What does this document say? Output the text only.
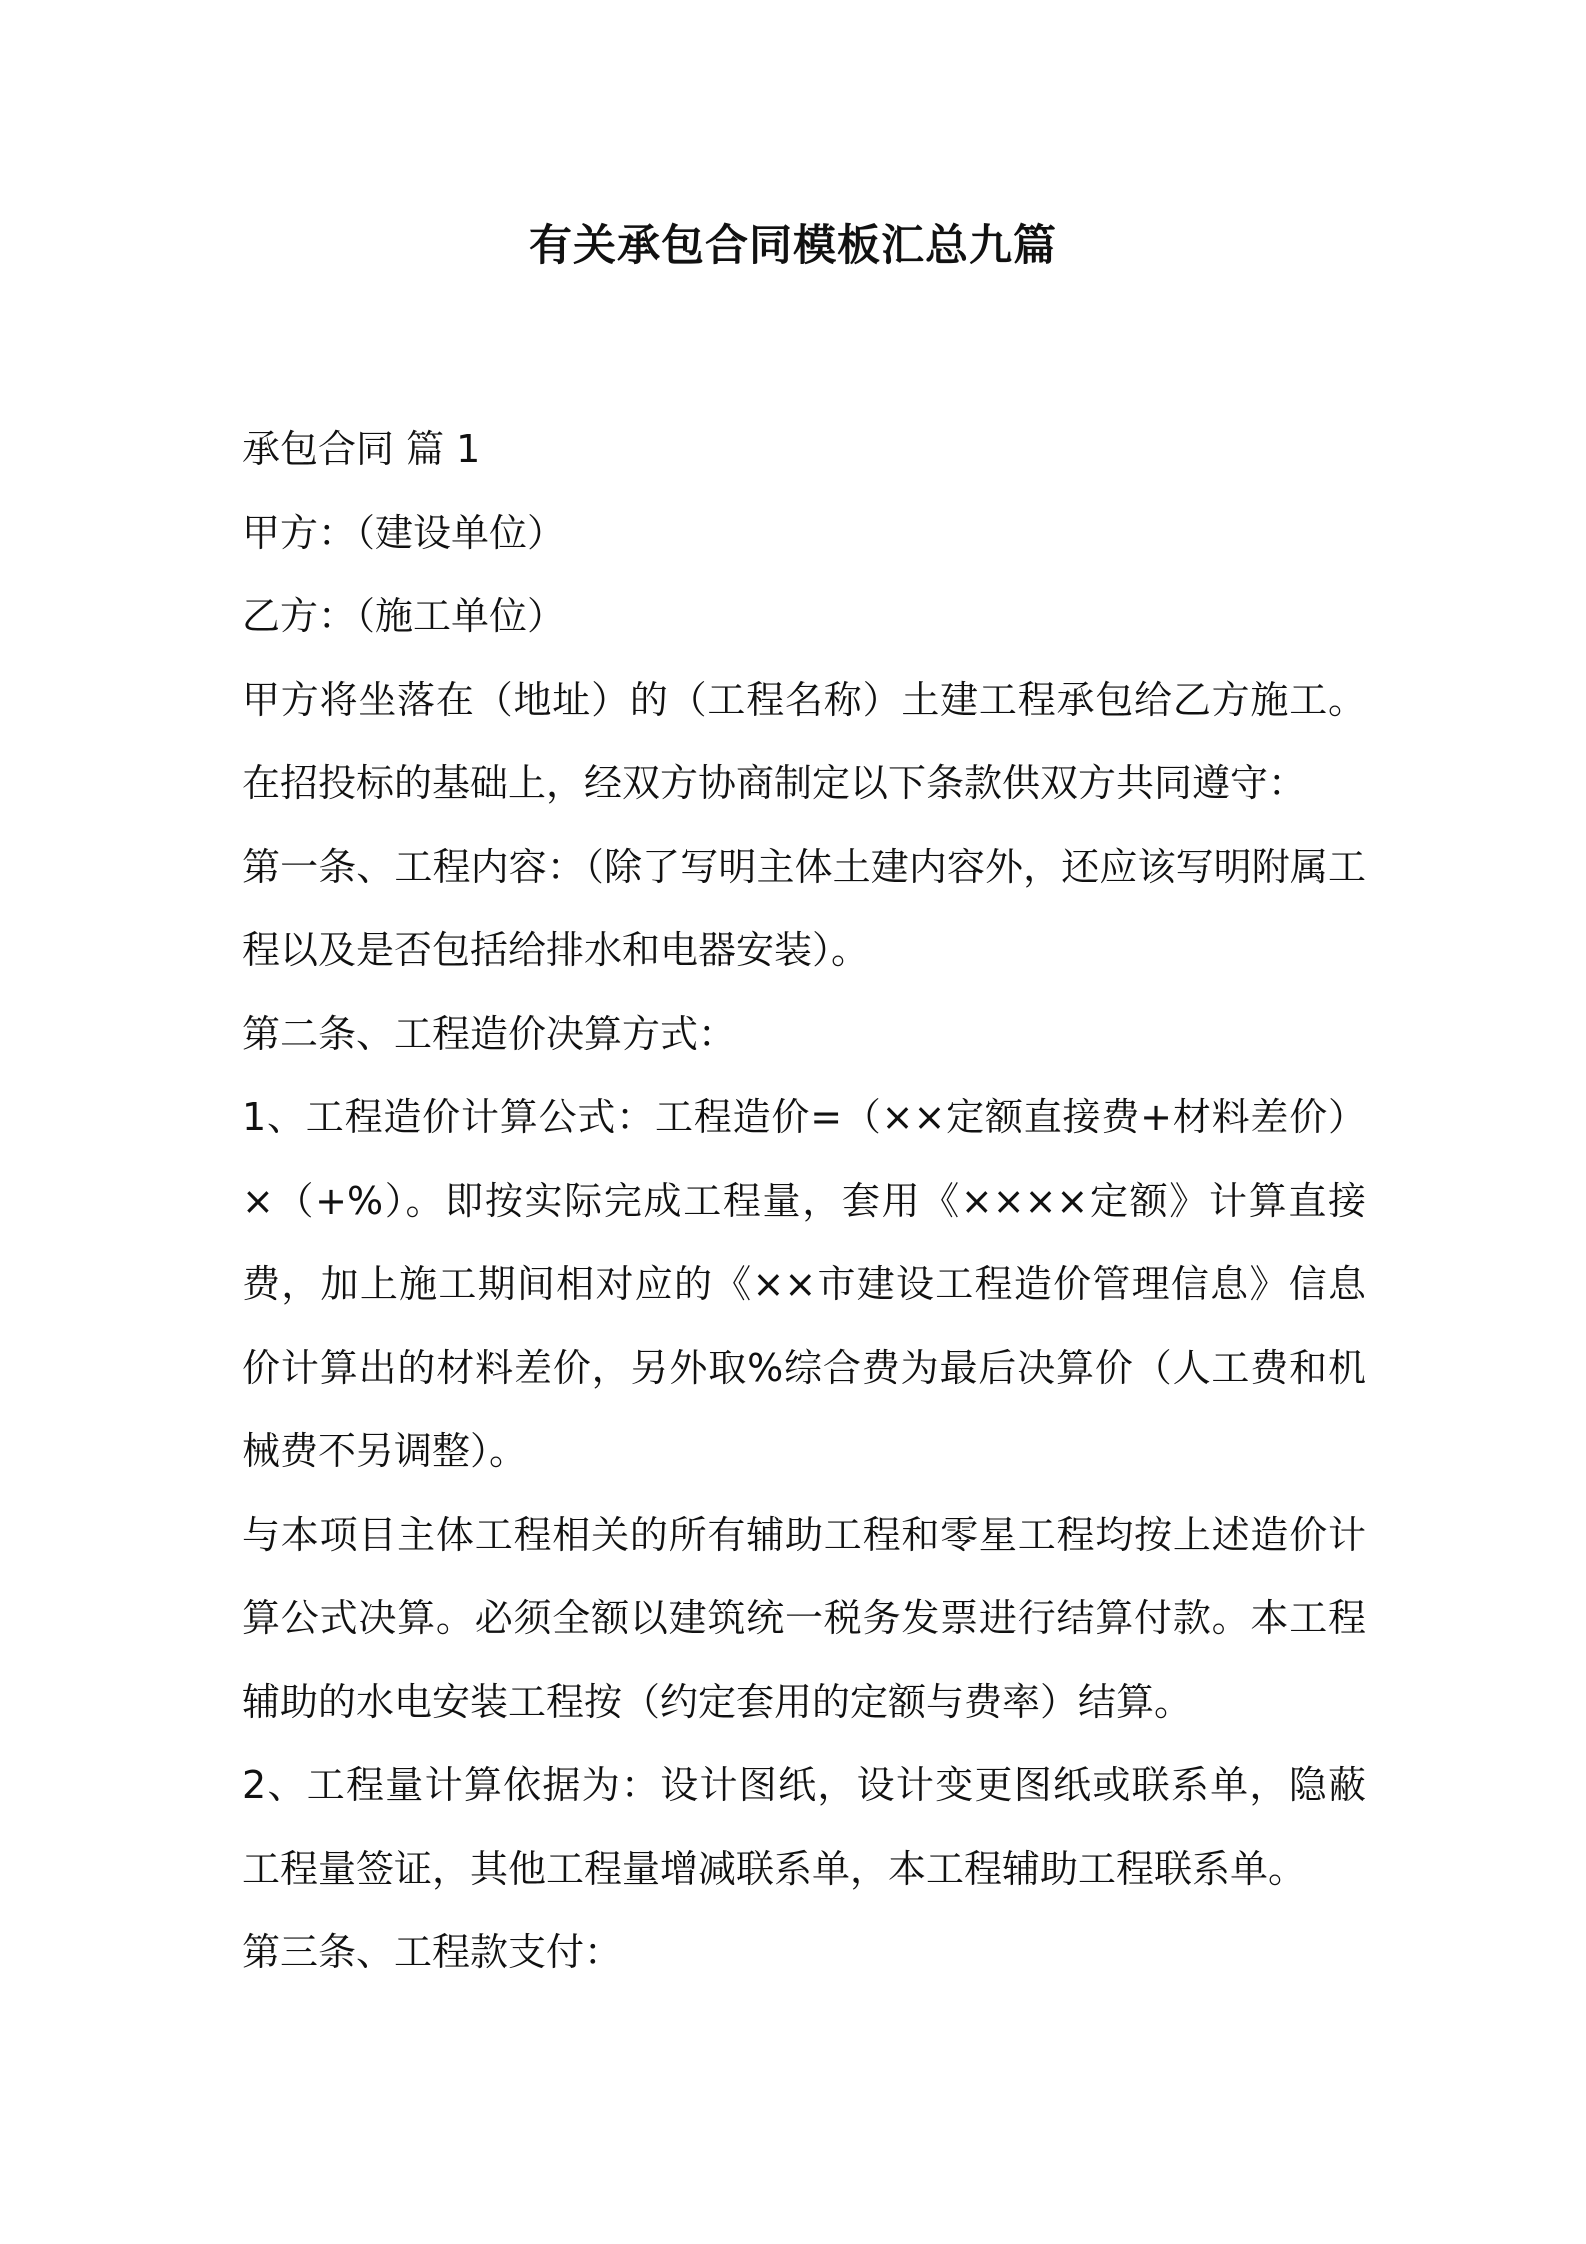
有关承包合同模板汇总九篇

承包合同 篇 1

甲方：（建设单位）

乙方：（施工单位）

甲方将坐落在（地址）的（工程名称）土建工程承包给乙方施工。在招投标的基础上，经双方协商制定以下条款供双方共同遵守：

第一条、工程内容：（除了写明主体土建内容外，还应该写明附属工程以及是否包括给排水和电器安装）。

第二条、工程造价决算方式：

1、工程造价计算公式：工程造价=（××定额直接费+材料差价）×（+%）。即按实际完成工程量，套用《××××定额》计算直接费，加上施工期间相对应的《××市建设工程造价管理信息》信息价计算出的材料差价，另外取%综合费为最后决算价（人工费和机械费不另调整）。

与本项目主体工程相关的所有辅助工程和零星工程均按上述造价计算公式决算。必须全额以建筑统一税务发票进行结算付款。本工程辅助的水电安装工程按（约定套用的定额与费率）结算。

2、工程量计算依据为：设计图纸，设计变更图纸或联系单，隐蔽工程量签证，其他工程量增减联系单，本工程辅助工程联系单。

第三条、工程款支付：
